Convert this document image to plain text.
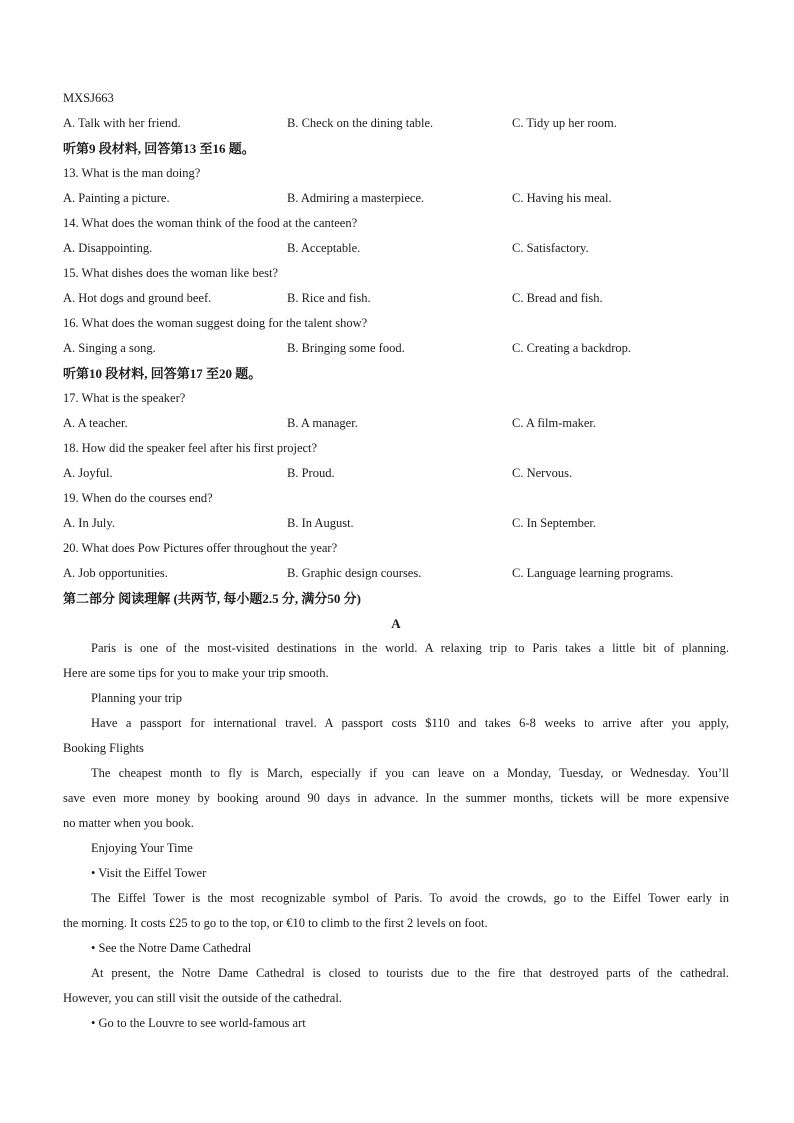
MXSJ663
A. Talk with her friend.	B. Check on the dining table.	C. Tidy up her room.
听第9 段材料, 回答第13 至16 题。
13. What is the man doing?
A. Painting a picture.	B. Admiring a masterpiece.	C. Having his meal.
14. What does the woman think of the food at the canteen?
A. Disappointing.	B. Acceptable.	C. Satisfactory.
15. What dishes does the woman like best?
A. Hot dogs and ground beef.	B. Rice and fish.	C. Bread and fish.
16. What does the woman suggest doing for the talent show?
A. Singing a song.	B. Bringing some food.	C. Creating a backdrop.
听第10 段材料, 回答第17 至20 题。
17. What is the speaker?
A. A teacher.	B. A manager.	C. A film-maker.
18. How did the speaker feel after his first project?
A. Joyful.	B. Proud.	C. Nervous.
19. When do the courses end?
A. In July.	B. In August.	C. In September.
20. What does Pow Pictures offer throughout the year?
A. Job opportunities.	B. Graphic design courses.	C. Language learning programs.
第二部分 阅读理解 (共两节, 每小题2.5 分, 满分50 分)
A
Paris is one of the most-visited destinations in the world. A relaxing trip to Paris takes a little bit of planning.
Here are some tips for you to make your trip smooth.
Planning your trip
Have a passport for international travel. A passport costs $110 and takes 6-8 weeks to arrive after you apply,
Booking Flights
The cheapest month to fly is March, especially if you can leave on a Monday, Tuesday, or Wednesday. You’ll
save even more money by booking around 90 days in advance. In the summer months, tickets will be more expensive
no matter when you book.
Enjoying Your Time
• Visit the Eiffel Tower
The Eiffel Tower is the most recognizable symbol of Paris. To avoid the crowds, go to the Eiffel Tower early in
the morning. It costs £25 to go to the top, or €10 to climb to the first 2 levels on foot.
• See the Notre Dame Cathedral
At present, the Notre Dame Cathedral is closed to tourists due to the fire that destroyed parts of the cathedral.
However, you can still visit the outside of the cathedral.
• Go to the Louvre to see world-famous art
